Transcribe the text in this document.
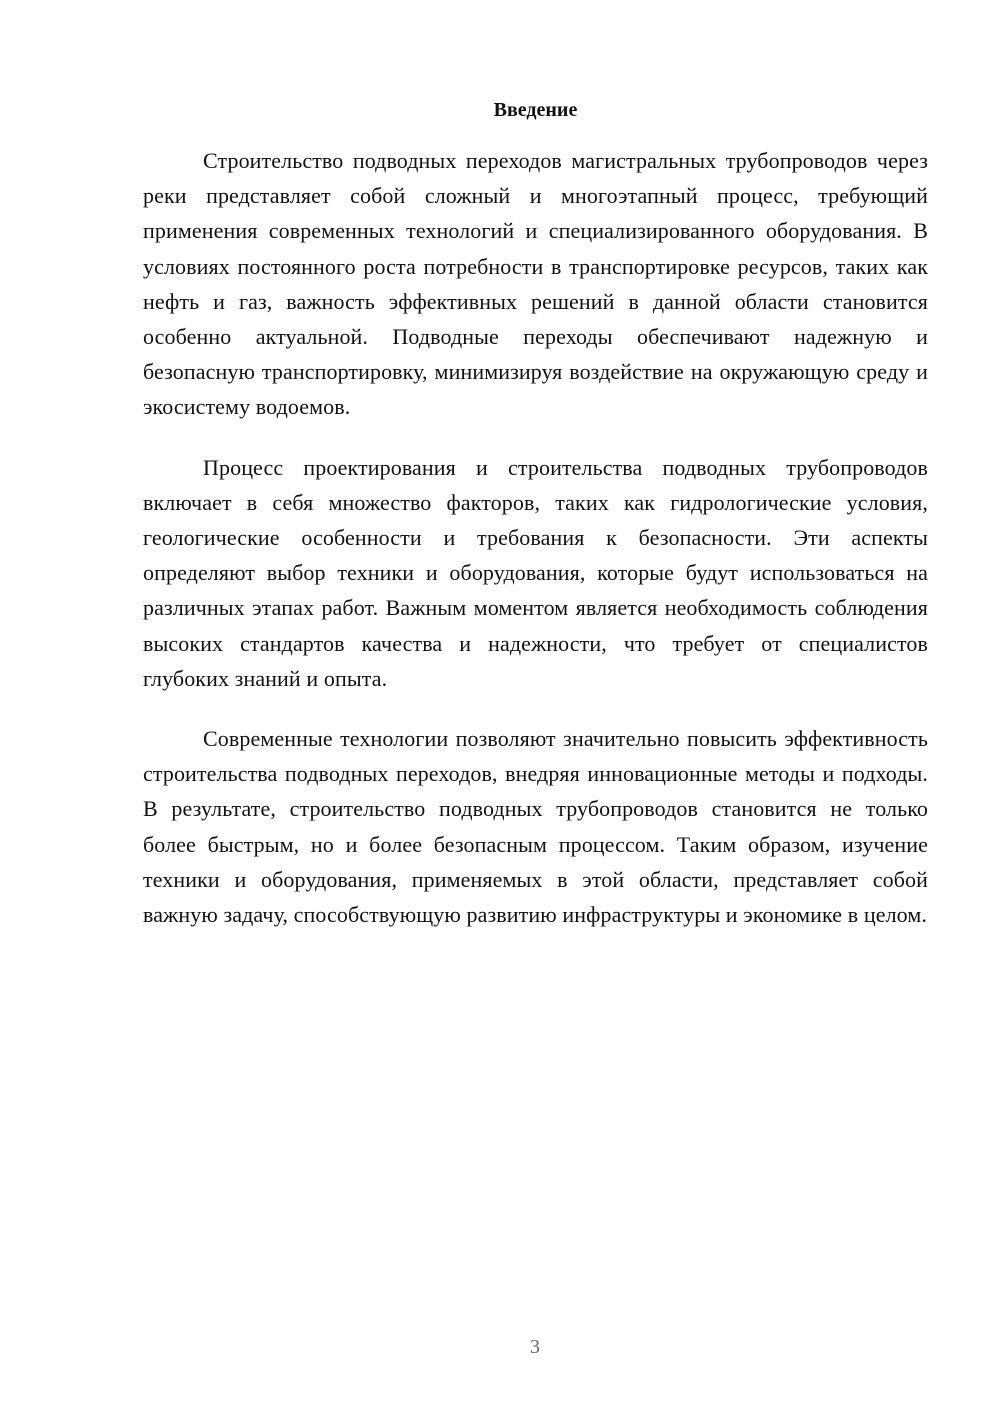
Введение

Строительство подводных переходов магистральных трубопроводов через реки представляет собой сложный и многоэтапный процесс, требующий применения современных технологий и специализированного оборудования. В условиях постоянного роста потребности в транспортировке ресурсов, таких как нефть и газ, важность эффективных решений в данной области становится особенно актуальной. Подводные переходы обеспечивают надежную и безопасную транспортировку, минимизируя воздействие на окружающую среду и экосистему водоемов.

Процесс проектирования и строительства подводных трубопроводов включает в себя множество факторов, таких как гидрологические условия, геологические особенности и требования к безопасности. Эти аспекты определяют выбор техники и оборудования, которые будут использоваться на различных этапах работ. Важным моментом является необходимость соблюдения высоких стандартов качества и надежности, что требует от специалистов глубоких знаний и опыта.

Современные технологии позволяют значительно повысить эффективность строительства подводных переходов, внедряя инновационные методы и подходы. В результате, строительство подводных трубопроводов становится не только более быстрым, но и более безопасным процессом. Таким образом, изучение техники и оборудования, применяемых в этой области, представляет собой важную задачу, способствующую развитию инфраструктуры и экономике в целом.

3
